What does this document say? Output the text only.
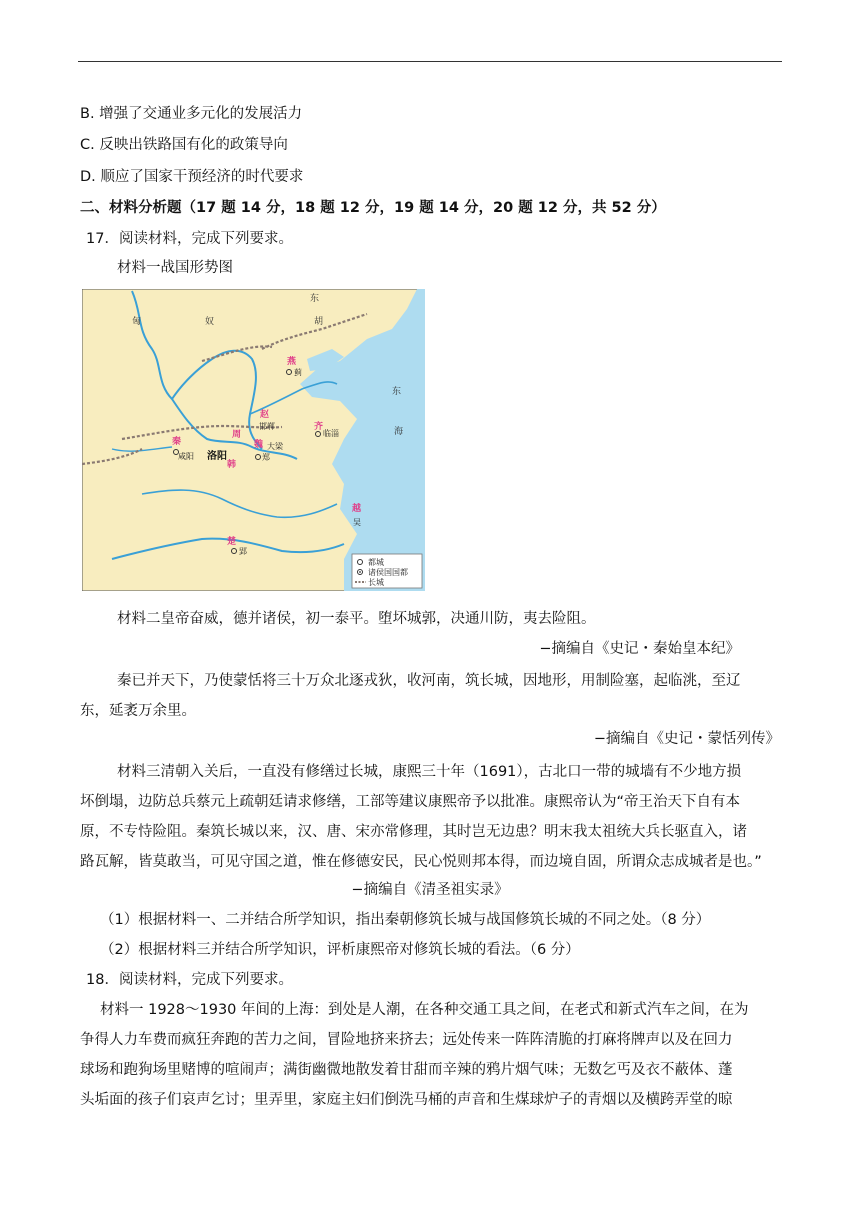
B. 增强了交通业多元化的发展活力
C. 反映出铁路国有化的政策导向
D. 顺应了国家干预经济的时代要求
二、材料分析题（17 题 14 分，18 题 12 分，19 题 14 分，20 题 12 分，共 52 分）
17．阅读材料，完成下列要求。
材料一战国形势图
匈	奴
东
胡
燕
蓟
赵
邯郸	齐
临淄
秦
咸阳
周
洛阳
魏 大梁
韩
郑
越
吴
楚
郢
东
海
都城
诸侯国国都
长城
材料二皇帝奋威，德并诸侯，初一泰平。堕坏城郭，决通川防，夷去险阻。
−摘编自《史记・秦始皇本纪》
秦已并天下，乃使蒙恬将三十万众北逐戎狄，收河南，筑长城，因地形，用制险塞，起临洮，至辽
东，延袤万余里。
−摘编自《史记・蒙恬列传》
材料三清朝入关后，一直没有修缮过长城，康熙三十年（1691），古北口一带的城墙有不少地方损
坏倒塌，边防总兵蔡元上疏朝廷请求修缮，工部等建议康熙帝予以批准。康熙帝认为“帝王治天下自有本
原，不专恃险阻。秦筑长城以来，汉、唐、宋亦常修理，其时岂无边患？明末我太祖统大兵长驱直入，诸
路瓦解，皆莫敢当，可见守国之道，惟在修德安民，民心悦则邦本得，而边境自固，所谓众志成城者是也。”
−摘编自《清圣祖实录》
（1）根据材料一、二并结合所学知识，指出秦朝修筑长城与战国修筑长城的不同之处。（8 分）
（2）根据材料三并结合所学知识，评析康熙帝对修筑长城的看法。（6 分）
18．阅读材料，完成下列要求。
材料一 1928～1930 年间的上海：到处是人潮，在各种交通工具之间，在老式和新式汽车之间，在为
争得人力车费而疯狂奔跑的苦力之间，冒险地挤来挤去；远处传来一阵阵清脆的打麻将牌声以及在回力
球场和跑狗场里赌博的喧闹声；满街幽微地散发着甘甜而辛辣的鸦片烟气味；无数乞丐及衣不蔽体、蓬
头垢面的孩子们哀声乞讨；里弄里，家庭主妇们倒洗马桶的声音和生煤球炉子的青烟以及横跨弄堂的晾
